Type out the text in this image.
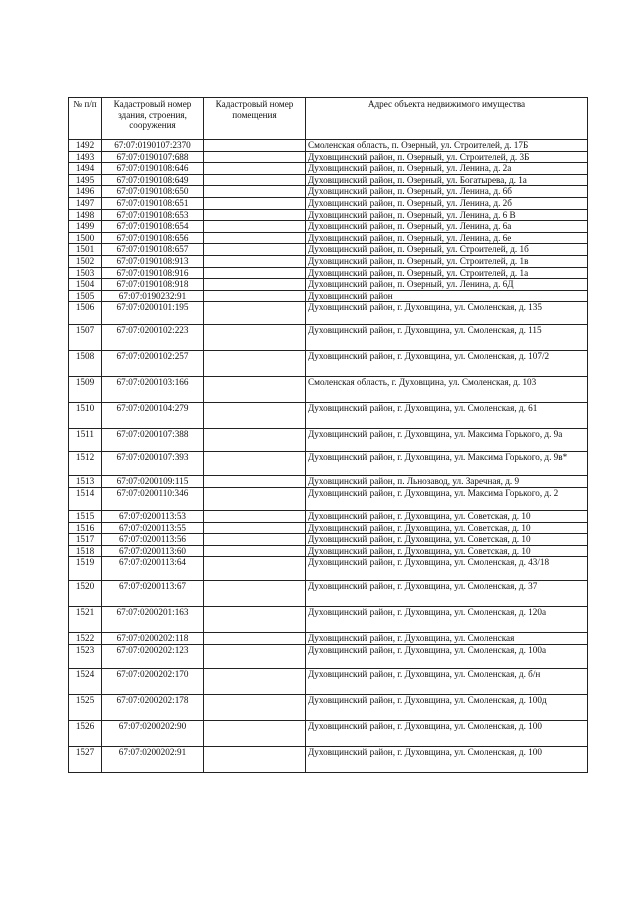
№ п/п	Кадастровый номер здания, строения, сооружения	Кадастровый номер помещения	Адрес объекта недвижимого имущества
1492	67:07:0190107:2370		Смоленская область, п. Озерный, ул. Строителей, д. 17Б
1493	67:07:0190107:688		Духовщинский район, п. Озерный, ул. Строителей, д. 3Б
1494	67:07:0190108:646		Духовщинский район, п. Озерный, ул. Ленина, д. 2а
1495	67:07:0190108:649		Духовщинский район, п. Озерный, ул. Богатырева, д. 1а
1496	67:07:0190108:650		Духовщинский район, п. Озерный, ул. Ленина, д. 6б
1497	67:07:0190108:651		Духовщинский район, п. Озерный, ул. Ленина, д. 2б
1498	67:07:0190108:653		Духовщинский район, п. Озерный, ул. Ленина, д. 6 В
1499	67:07:0190108:654		Духовщинский район, п. Озерный, ул. Ленина, д. 6а
1500	67:07:0190108:656		Духовщинский район, п. Озерный, ул. Ленина, д. 6е
1501	67:07:0190108:657		Духовщинский район, п. Озерный, ул. Строителей, д. 1б
1502	67:07:0190108:913		Духовщинский район, п. Озерный, ул. Строителей, д. 1в
1503	67:07:0190108:916		Духовщинский район, п. Озерный, ул. Строителей, д. 1а
1504	67:07:0190108:918		Духовщинский район, п. Озерный, ул. Ленина, д. 6Д
1505	67:07:0190232:91		Духовщинский район
1506	67:07:0200101:195		Духовщинский район, г. Духовщина, ул. Смоленская, д. 135
1507	67:07:0200102:223		Духовщинский район, г. Духовщина, ул. Смоленская, д. 115
1508	67:07:0200102:257		Духовщинский район, г. Духовщина, ул. Смоленская, д. 107/2
1509	67:07:0200103:166		Смоленская область, г. Духовщина, ул. Смоленская, д. 103
1510	67:07:0200104:279		Духовщинский район, г. Духовщина, ул. Смоленская, д. 61
1511	67:07:0200107:388		Духовщинский район, г. Духовщина, ул. Максима Горького, д. 9а
1512	67:07:0200107:393		Духовщинский район, г. Духовщина, ул. Максима Горького, д. 9в*
1513	67:07:0200109:115		Духовщинский район, п. Льнозавод, ул. Заречная, д. 9
1514	67:07:0200110:346		Духовщинский район, г. Духовщина, ул. Максима Горького, д. 2
1515	67:07:0200113:53		Духовщинский район, г. Духовщина, ул. Советская, д. 10
1516	67:07:0200113:55		Духовщинский район, г. Духовщина, ул. Советская, д. 10
1517	67:07:0200113:56		Духовщинский район, г. Духовщина, ул. Советская, д. 10
1518	67:07:0200113:60		Духовщинский район, г. Духовщина, ул. Советская, д. 10
1519	67:07:0200113:64		Духовщинский район, г. Духовщина, ул. Смоленская, д. 43/18
1520	67:07:0200113:67		Духовщинский район, г. Духовщина, ул. Смоленская, д. 37
1521	67:07:0200201:163		Духовщинский район, г. Духовщина, ул. Смоленская, д. 120а
1522	67:07:0200202:118		Духовщинский район, г. Духовщина, ул. Смоленская
1523	67:07:0200202:123		Духовщинский район, г. Духовщина, ул. Смоленская, д. 100а
1524	67:07:0200202:170		Духовщинский район, г. Духовщина, ул. Смоленская, д. б/н
1525	67:07:0200202:178		Духовщинский район, г. Духовщина, ул. Смоленская, д. 100д
1526	67:07:0200202:90		Духовщинский район, г. Духовщина, ул. Смоленская, д. 100
1527	67:07:0200202:91		Духовщинский район, г. Духовщина, ул. Смоленская, д. 100
